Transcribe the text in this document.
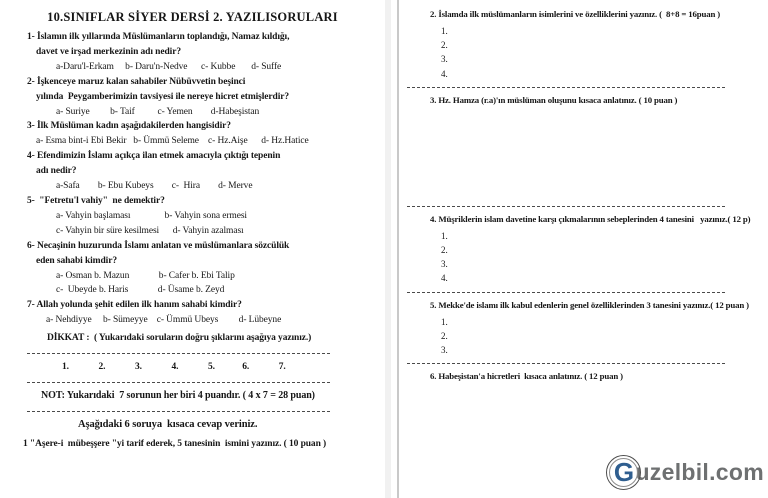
10.SINIFLAR SİYER DERSİ 2. YAZILISORULARI
1- İslamın ilk yıllarında Müslümanların toplandığı, Namaz kıldığı,
davet ve irşad merkezinin adı nedir?
a-Daru'l-Erkam     b- Daru'n-Nedve      c- Kubbe       d- Suffe
2- İşkenceye maruz kalan sahabiler Nübüvvetin beşinci
yılında  Peygamberimizin tavsiyesi ile nereye hicret etmişlerdir?
a- Suriye         b- Taif          c- Yemen        d-Habeşistan
3- İlk Müslüman kadın aşağıdakilerden hangisidir?
a- Esma bint-i Ebi Bekir   b- Ümmü Seleme    c- Hz.Aişe      d- Hz.Hatice
4- Efendimizin İslamı açıkça ilan etmek amacıyla çıktığı tepenin
adı nedir?
a-Safa        b- Ebu Kubeys        c-  Hira        d- Merve
5-  "Fetretu'l vahiy"  ne demektir?
a- Vahyin başlaması               b- Vahyin sona ermesi
c- Vahyin bir süre kesilmesi      d- Vahyin azalması
6- Necaşinin huzurunda İslamı anlatan ve müslümanlara sözcülük
eden sahabi kimdir?
a- Osman b. Mazun             b- Cafer b. Ebi Talip
c-  Ubeyde b. Haris             d- Üsame b. Zeyd
7- Allah yolunda şehit edilen ilk hanım sahabi kimdir?
a- Nehdiyye     b- Sümeyye    c- Ümmü Ubeys         d- Lübeyne
DİKKAT :  ( Yukarıdaki soruların doğru şıklarını aşağıya yazınız.)
1.             2.             3.             4.             5.            6.             7.
NOT: Yukarıdaki  7 sorunun her biri 4 puandır. ( 4 x 7 = 28 puan)
Aşağıdaki 6 soruya  kısaca cevap veriniz.
1 "Aşere-i  mübeşşere "yi tarif ederek, 5 tanesinin  ismini yazınız. ( 10 puan )
2. İslamda ilk müslümanların isimlerini ve özelliklerini yazınız. (  8+8 = 16puan )
1.
2.
3.
4.
3. Hz. Hamza (r.a)'ın müslüman oluşunu kısaca anlatınız. ( 10 puan )
4. Müşriklerin islam davetine karşı çıkmalarının sebeplerinden 4 tanesini   yazınız.( 12 p)
1.
2.
3.
4.
5. Mekke'de islamı ilk kabul edenlerin genel özelliklerinden 3 tanesini yazınız.( 12 puan )
1.
2.
3.
6. Habeşistan'a hicretleri  kısaca anlatınız. ( 12 puan )
G uzelbil.com
